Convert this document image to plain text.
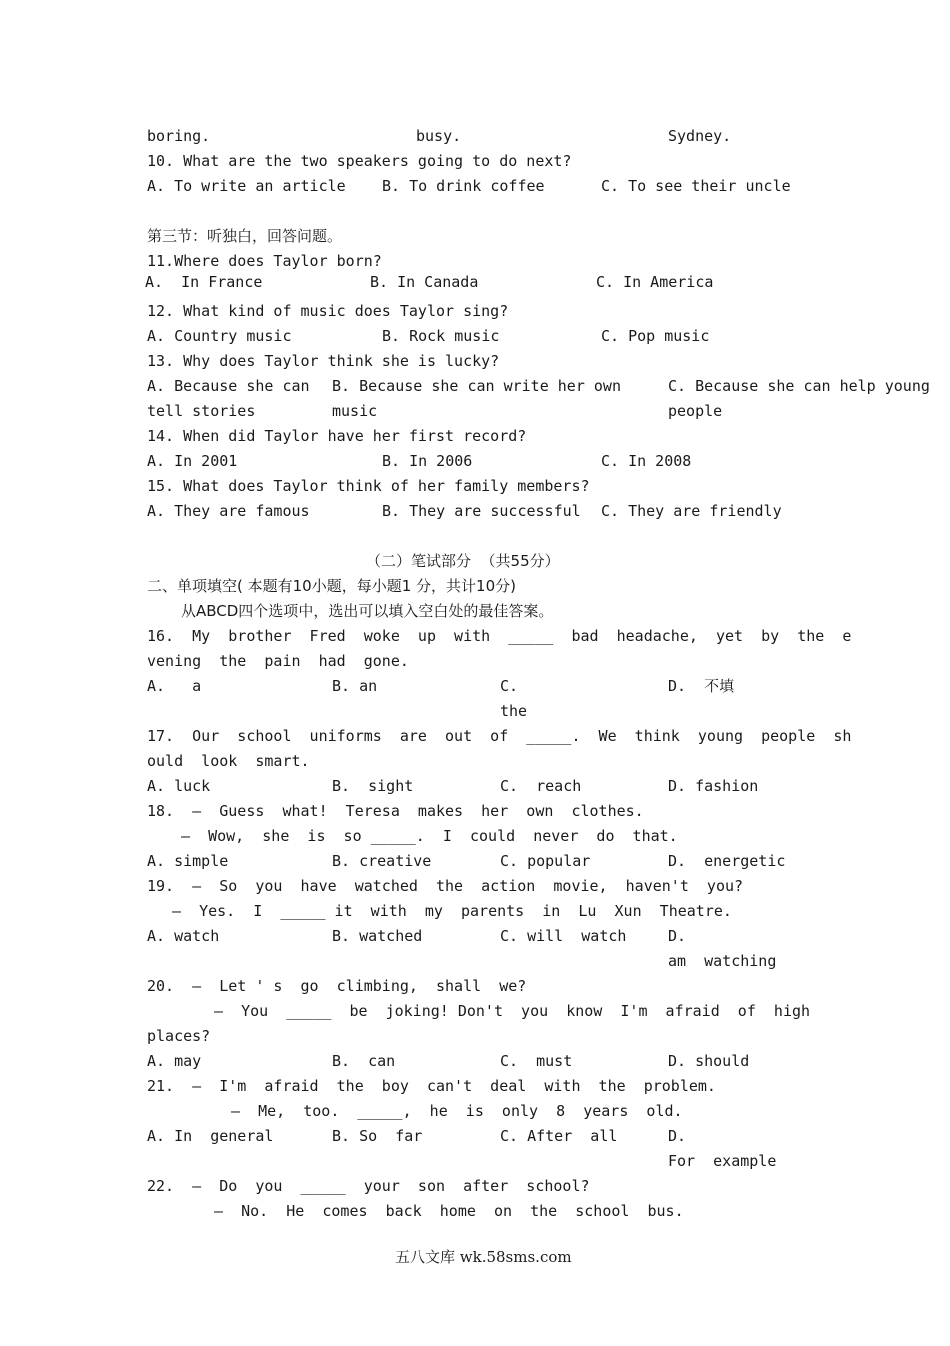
boring.	busy.	Sydney.
10. What are the two speakers going to do next?
A. To write an article B. To drink coffee	C. To see their uncle
第三节：听独白，回答问题。
11.Where does Taylor born?
A.  In France	B. In Canada	C. In America
12. What kind of music does Taylor sing?
A. Country music	B. Rock music	C. Pop music
13. Why does Taylor think she is lucky?
A. Because she can
tell stories
B. Because she can write her own
music
C. Because she can help young
people
14. When did Taylor have her first record?
A. In 2001	B. In 2006	C. In 2008
15. What does Taylor think of her family members?
A. They are famous	B. They are successful C. They are friendly
（二）笔试部分  （共55分）
二、单项填空( 本题有10小题，每小题1 分，共计10分)
从ABCD四个选项中，选出可以填入空白处的最佳答案。
16.  My  brother  Fred  woke  up  with  _____  bad  headache,  yet  by  the  e
vening  the  pain  had  gone.
A.   a	B. an	C.
the
D.  不填
17.  Our  school  uniforms  are  out  of  _____.  We  think  young  people  sh
ould  look  smart.
A. luck	B.  sight	C.  reach	D. fashion
18.  —  Guess  what!  Teresa  makes  her  own  clothes.
—  Wow,  she  is  so _____.  I  could  never  do  that.
A. simple	B. creative	C. popular	D.  energetic
19.  —  So  you  have  watched  the  action  movie,  haven't  you?
—  Yes.  I  _____ it  with  my  parents  in  Lu  Xun  Theatre.
A. watch	B. watched	C. will  watch	D.
am  watching
20.  —  Let ' s  go  climbing,  shall  we?
—  You  _____  be  joking! Don't  you  know  I'm  afraid  of  high
places?
A. may	B.  can	C.  must	D. should
21.  —  I'm  afraid  the  boy  can't  deal  with  the  problem.
—  Me,  too.  _____,  he  is  only  8  years  old.
A. In  general	B. So  far	C. After  all	D.
For  example
22.  —  Do  you  _____  your  son  after  school?
—  No.  He  comes  back  home  on  the  school  bus.
五八文库 wk.58sms.com
